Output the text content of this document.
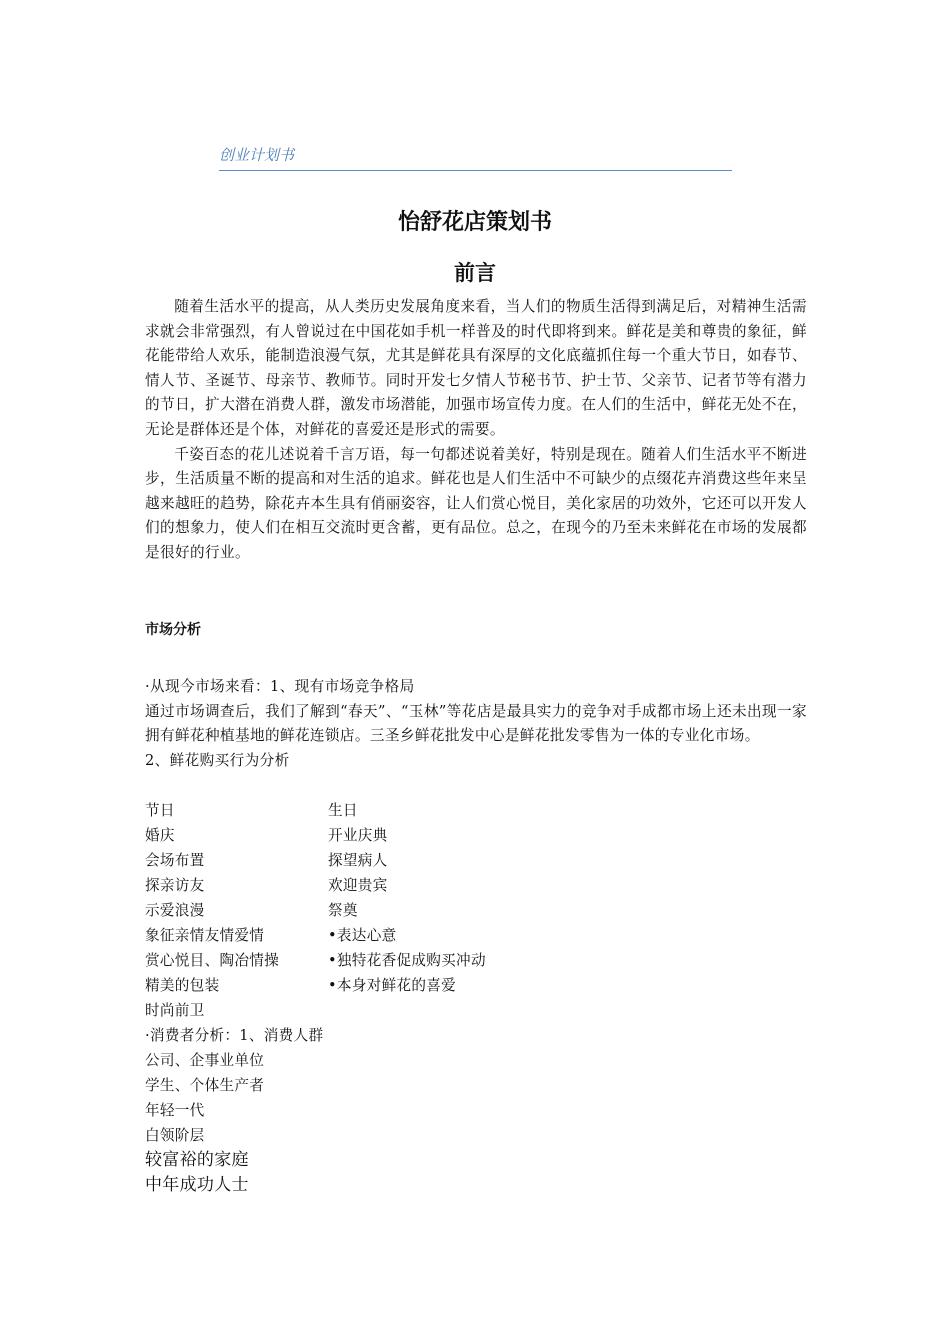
创业计划书
怡舒花店策划书
前言

随着生活水平的提高，从人类历史发展角度来看，当人们的物质生活得到满足后，对精神生活需求就会非常强烈，有人曾说过在中国花如手机一样普及的时代即将到来。鲜花是美和尊贵的象征，鲜花能带给人欢乐，能制造浪漫气氛，尤其是鲜花具有深厚的文化底蕴抓住每一个重大节日，如春节、情人节、圣诞节、母亲节、教师节。同时开发七夕情人节秘书节、护士节、父亲节、记者节等有潜力的节日，扩大潜在消费人群，激发市场潜能，加强市场宣传力度。在人们的生活中，鲜花无处不在，无论是群体还是个体，对鲜花的喜爱还是形式的需要。

千姿百态的花儿述说着千言万语，每一句都述说着美好，特别是现在。随着人们生活水平不断进步，生活质量不断的提高和对生活的追求。鲜花也是人们生活中不可缺少的点缀花卉消费这些年来呈越来越旺的趋势，除花卉本生具有俏丽姿容，让人们赏心悦目，美化家居的功效外，它还可以开发人们的想象力，使人们在相互交流时更含蓄，更有品位。总之，在现今的乃至未来鲜花在市场的发展都是很好的行业。

市场分析
·从现今市场来看：1、现有市场竞争格局
通过市场调查后，我们了解到“春天”、“玉林”等花店是最具实力的竞争对手成都市场上还未出现一家拥有鲜花种植基地的鲜花连锁店。三圣乡鲜花批发中心是鲜花批发零售为一体的专业化市场。
2、鲜花购买行为分析
节日	生日
婚庆	开业庆典
会场布置	探望病人
探亲访友	欢迎贵宾
示爱浪漫	祭奠
象征亲情友情爱情	•表达心意
赏心悦目、陶冶情操	•独特花香促成购买冲动
精美的包装	•本身对鲜花的喜爱
时尚前卫
·消费者分析：1、消费人群
公司、企事业单位
学生、个体生产者
年轻一代
白领阶层
较富裕的家庭
中年成功人士
